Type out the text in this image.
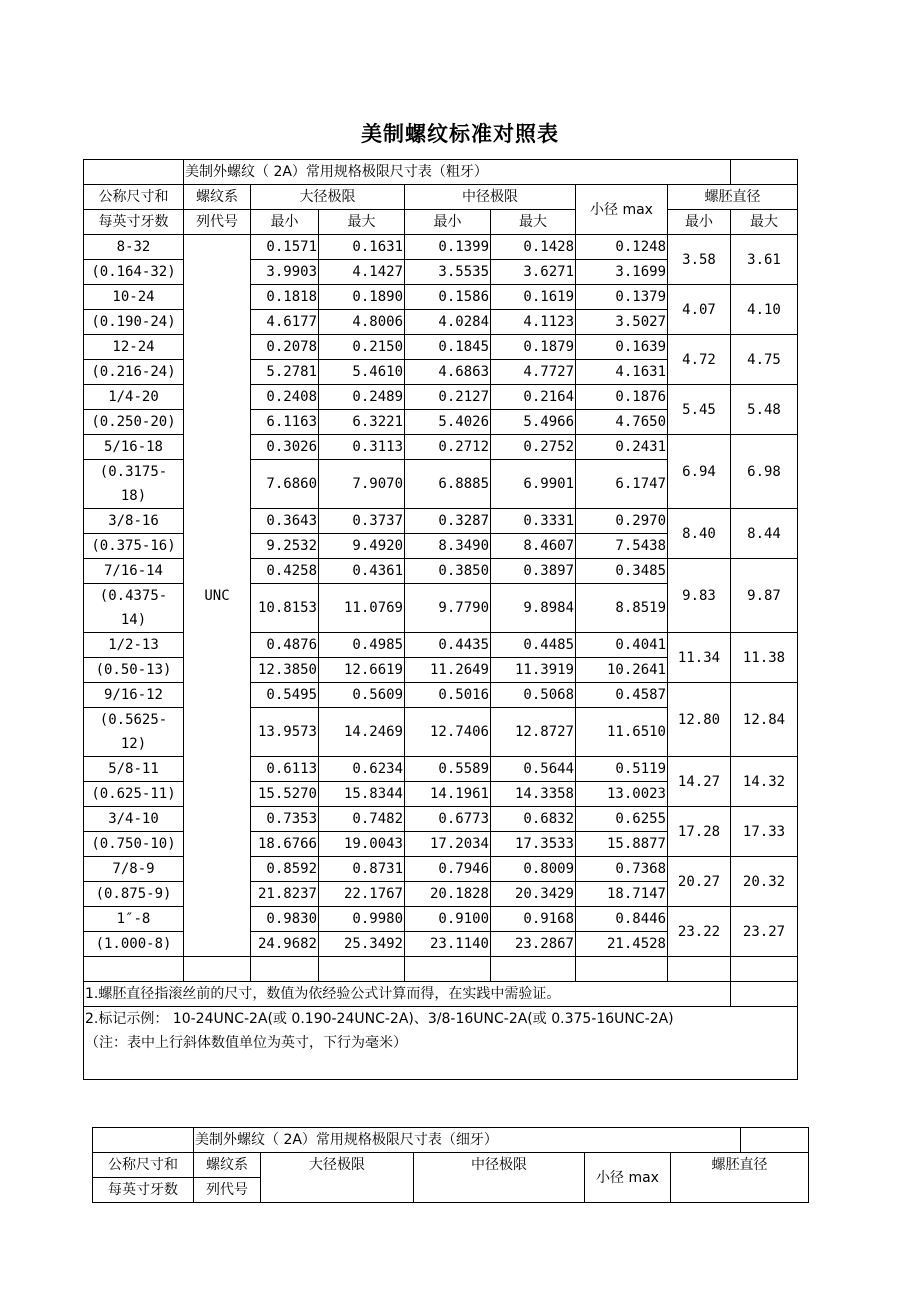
美制螺纹标准对照表
	美制外螺纹（ 2A）常用规格极限尺寸表（粗牙）							
公称尺寸和	螺纹系	大径极限		中径极限		小径 max	螺胚直径	
每英寸牙数	列代号	最小	最大	最小	最大		最小	最大
8-32	UNC	0.1571	0.1631	0.1399	0.1428	0.1248	3.58	3.61
(0.164-32)		3.9903	4.1427	3.5535	3.6271	3.1699		
10-24		0.1818	0.1890	0.1586	0.1619	0.1379	4.07	4.10
(0.190-24)		4.6177	4.8006	4.0284	4.1123	3.5027		
12-24		0.2078	0.2150	0.1845	0.1879	0.1639	4.72	4.75
(0.216-24)		5.2781	5.4610	4.6863	4.7727	4.1631		
1/4-20		0.2408	0.2489	0.2127	0.2164	0.1876	5.45	5.48
(0.250-20)		6.1163	6.3221	5.4026	5.4966	4.7650		
5/16-18		0.3026	0.3113	0.2712	0.2752	0.2431	6.94	6.98
(0.3175-
18)		7.6860	7.9070	6.8885	6.9901	6.1747		
3/8-16		0.3643	0.3737	0.3287	0.3331	0.2970	8.40	8.44
(0.375-16)		9.2532	9.4920	8.3490	8.4607	7.5438		
7/16-14		0.4258	0.4361	0.3850	0.3897	0.3485	9.83	9.87
(0.4375-
14)		10.8153	11.0769	9.7790	9.8984	8.8519		
1/2-13		0.4876	0.4985	0.4435	0.4485	0.4041	11.34	11.38
(0.50-13)		12.3850	12.6619	11.2649	11.3919	10.2641		
9/16-12		0.5495	0.5609	0.5016	0.5068	0.4587	12.80	12.84
(0.5625-
12)		13.9573	14.2469	12.7406	12.8727	11.6510		
5/8-11		0.6113	0.6234	0.5589	0.5644	0.5119	14.27	14.32
(0.625-11)		15.5270	15.8344	14.1961	14.3358	13.0023		
3/4-10		0.7353	0.7482	0.6773	0.6832	0.6255	17.28	17.33
(0.750-10)		18.6766	19.0043	17.2034	17.3533	15.8877		
7/8-9		0.8592	0.8731	0.7946	0.8009	0.7368	20.27	20.32
(0.875-9)		21.8237	22.1767	20.1828	20.3429	18.7147		
1″-8		0.9830	0.9980	0.9100	0.9168	0.8446	23.22	23.27
(1.000-8)		24.9682	25.3492	23.1140	23.2867	21.4528		

1.螺胚直径指滚丝前的尺寸，数值为依经验公式计算而得，在实践中需验证。								

2.标记示例： 10-24UNC-2A(或 0.190-24UNC-2A)、3/8-16UNC-2A(或 0.375-16UNC-2A)
（注：表中上行斜体数值单位为英寸，下行为毫米）								
	美制外螺纹（ 2A）常用规格极限尺寸表（细牙）					
公称尺寸和	螺纹系	大径极限	中径极限	小径 max	螺胚直径	
每英寸牙数	列代号					
